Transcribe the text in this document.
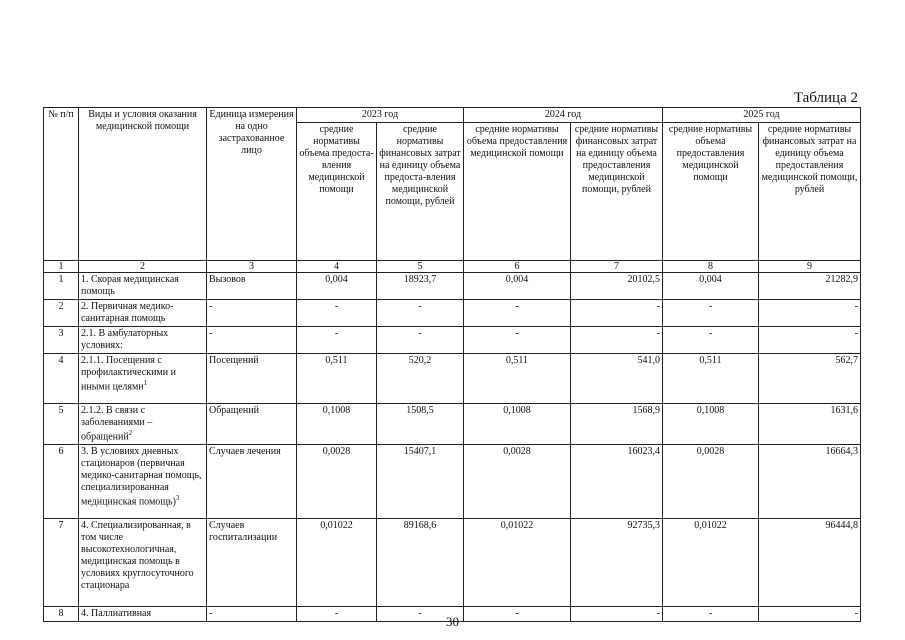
Таблица 2
№ п/п	Виды и условия оказания медицинской помощи	Единица измерения на одно застрахованное лицо	2023 год		2024 год		2025 год	
			средние нормативы объема предоста-вления медицинской помощи	средние нормативы финансовых затрат на единицу объема предоста-вления медицинской помощи, рублей	средние нормативы объема предоставления медицинской помощи	средние нормативы финансовых затрат на единицу объема предоставления медицинской помощи, рублей	средние нормативы объема предоставления медицинской помощи	средние нормативы финансовых затрат на единицу объема предоставления медицинской помощи, рублей
1	2	3	4	5	6	7	8	9
1	1. Скорая медицинская помощь	Вызовов	0,004	18923,7	0,004	20102,5	0,004	21282,9
2	2. Первичная медико-санитарная помощь	-	-	-	-	-	-	-
3	2.1. В амбулаторных условиях:	-	-	-	-	-	-	-
4	2.1.1. Посещения с профилактическими и иными целями$^1$	Посещений	0,511	520,2	0,511	541,0	0,511	562,7
5	2.1.2. В связи с заболеваниями – обращений$^2$	Обращений	0,1008	1508,5	0,1008	1568,9	0,1008	1631,6
6	3. В условиях дневных стационаров (первичная медико-санитарная помощь, специализированная медицинская помощь)$^3$	Случаев лечения	0,0028	15407,1	0,0028	16023,4	0,0028	16664,3
7	4. Специализированная, в том числе высокотехнологичная, медицинская помощь в условиях круглосуточного стационара	Случаев госпитализации	0,01022	89168,6	0,01022	92735,3	0,01022	96444,8
8	4. Паллиативная	-	-	-	-	-	-	-
30
